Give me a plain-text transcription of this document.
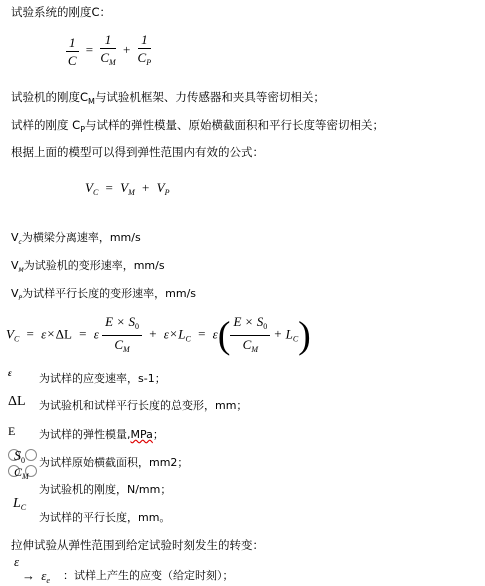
试验系统的刚度C：
$\frac{1}{C} = \frac{1}{C_M} + \frac{1}{C_P}$
试验机的刚度$C_M$与试验机框架、力传感器和夹具等密切相关；
试样的刚度 $C_P$与试样的弹性模量、原始横截面积和平行长度等密切相关；
根据上面的模型可以得到弹性范围内有效的公式：
$V_C = V_M + V_P$
$V_c$为横梁分离速率，mm/s
$V_M$为试验机的变形速率，mm/s
$V_P$为试样平行长度的变形速率，mm/s
$V_C = \varepsilon\times\Delta L = \varepsilon \frac{E \times S_0}{C_M} + \varepsilon\times L_C = \varepsilon( \frac{E \times S_0}{C_M} + L_C)$
ε 为试样的应变速率，s-1；
ΔL 为试验机和试样平行长度的总变形，mm；
E 为试样的弹性模量,MPa；
$S_0$ 为试样原始横截面积，mm2；
$C_M$
为试验机的刚度，N/mm；
$L_C$
为试样的平行长度，mm。
拉伸试验从弹性范围到给定试验时刻发生的转变：
ε
→ $\varepsilon_e$ ：试样上产生的应变（给定时刻）；
